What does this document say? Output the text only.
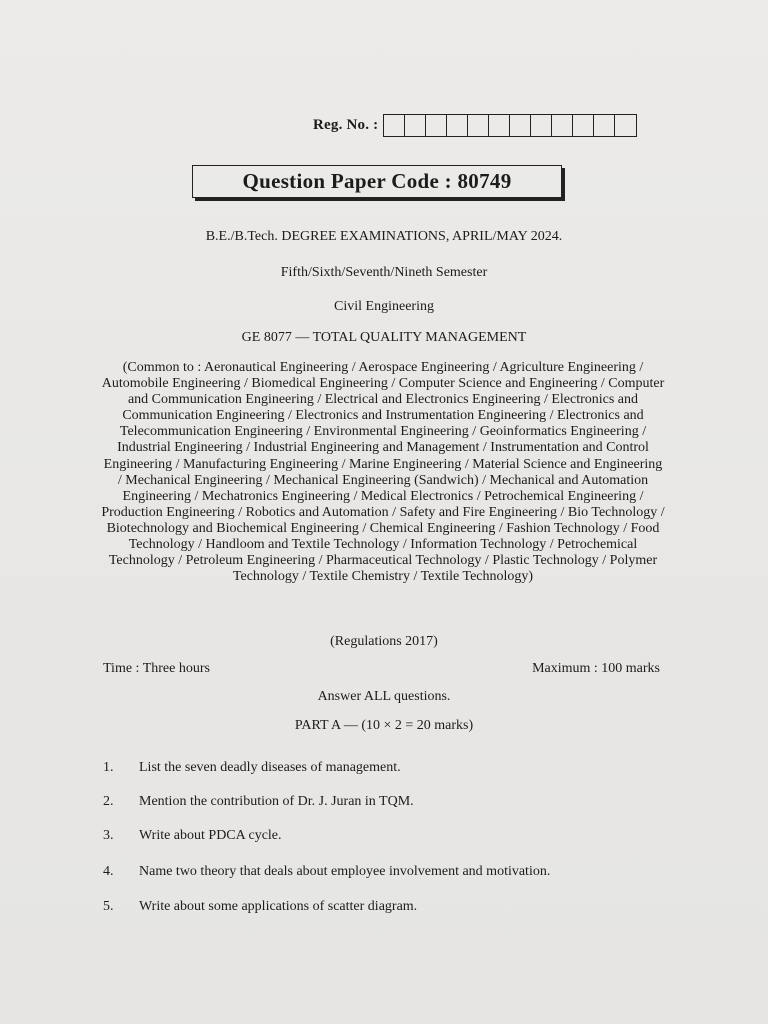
Reg. No. :
Question Paper Code : 80749
B.E./B.Tech. DEGREE EXAMINATIONS, APRIL/MAY 2024.
Fifth/Sixth/Seventh/Nineth Semester
Civil Engineering
GE 8077 — TOTAL QUALITY MANAGEMENT
(Common to : Aeronautical Engineering / Aerospace Engineering / Agriculture Engineering / Automobile Engineering / Biomedical Engineering / Computer Science and Engineering / Computer and Communication Engineering / Electrical and Electronics Engineering / Electronics and Communication Engineering / Electronics and Instrumentation Engineering / Electronics and Telecommunication Engineering / Environmental Engineering / Geoinformatics Engineering / Industrial Engineering / Industrial Engineering and Management / Instrumentation and Control Engineering / Manufacturing Engineering / Marine Engineering / Material Science and Engineering / Mechanical Engineering / Mechanical Engineering (Sandwich) / Mechanical and Automation Engineering / Mechatronics Engineering / Medical Electronics / Petrochemical Engineering / Production Engineering / Robotics and Automation / Safety and Fire Engineering / Bio Technology / Biotechnology and Biochemical Engineering / Chemical Engineering / Fashion Technology / Food Technology / Handloom and Textile Technology / Information Technology / Petrochemical Technology / Petroleum Engineering / Pharmaceutical Technology / Plastic Technology / Polymer Technology / Textile Chemistry / Textile Technology)
(Regulations 2017)
Time : Three hours	Maximum : 100 marks
Answer ALL questions.
PART A — (10 × 2 = 20 marks)
1.	List the seven deadly diseases of management.
2.	Mention the contribution of Dr. J. Juran in TQM.
3.	Write about PDCA cycle.
4.	Name two theory that deals about employee involvement and motivation.
5.	Write about some applications of scatter diagram.
